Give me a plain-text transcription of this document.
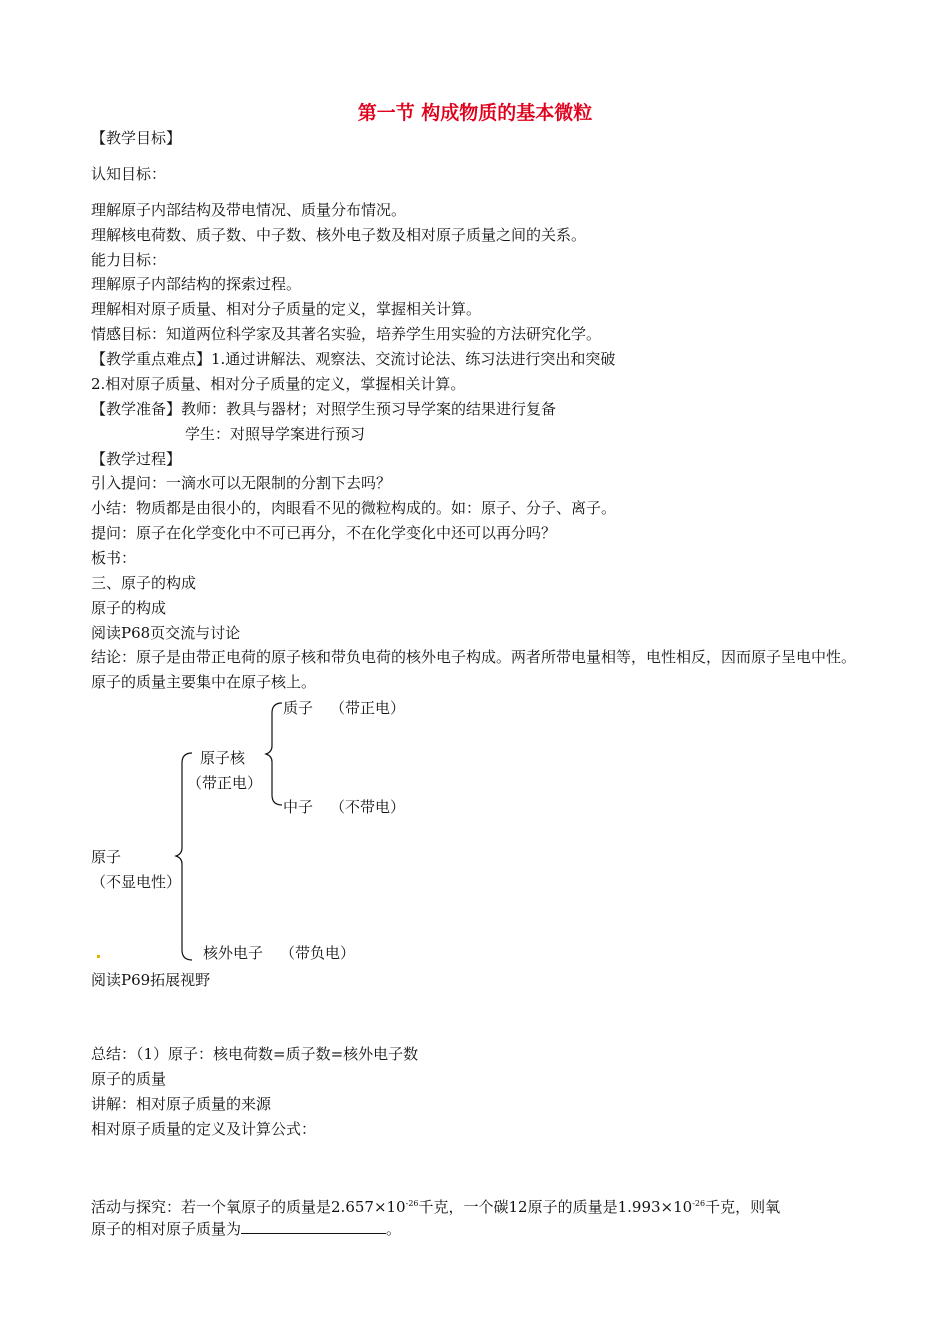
第一节 构成物质的基本微粒
【教学目标】
认知目标：
理解原子内部结构及带电情况、质量分布情况。
理解核电荷数、质子数、中子数、核外电子数及相对原子质量之间的关系。
能力目标：
理解原子内部结构的探索过程。
理解相对原子质量、相对分子质量的定义，掌握相关计算。
情感目标：知道两位科学家及其著名实验，培养学生用实验的方法研究化学。
【教学重点难点】1.通过讲解法、观察法、交流讨论法、练习法进行突出和突破
2.相对原子质量、相对分子质量的定义，掌握相关计算。
【教学准备】教师：教具与器材；对照学生预习导学案的结果进行复备
学生：对照导学案进行预习
【教学过程】
引入提问：一滴水可以无限制的分割下去吗？
小结：物质都是由很小的，肉眼看不见的微粒构成的。如：原子、分子、离子。
提问：原子在化学变化中不可已再分，不在化学变化中还可以再分吗？
板书：
三、原子的构成
原子的构成
阅读P68页交流与讨论
结论：原子是由带正电荷的原子核和带负电荷的核外电子构成。两者所带电量相等，电性相反，因而原子呈电中性。原子的质量主要集中在原子核上。
质子 （带正电）
原子核
（带正电）
中子 （不带电）
原子
（不显电性）
核外电子 （带负电）
阅读P69拓展视野
总结：（1）原子：核电荷数=质子数=核外电子数
原子的质量
讲解：相对原子质量的来源
相对原子质量的定义及计算公式：
活动与探究：若一个氧原子的质量是$2.657\times 10^{-26}$千克，一个碳12原子的质量是$1.993\times 10^{-26}$千克，则氧
原子的相对原子质量为	。
